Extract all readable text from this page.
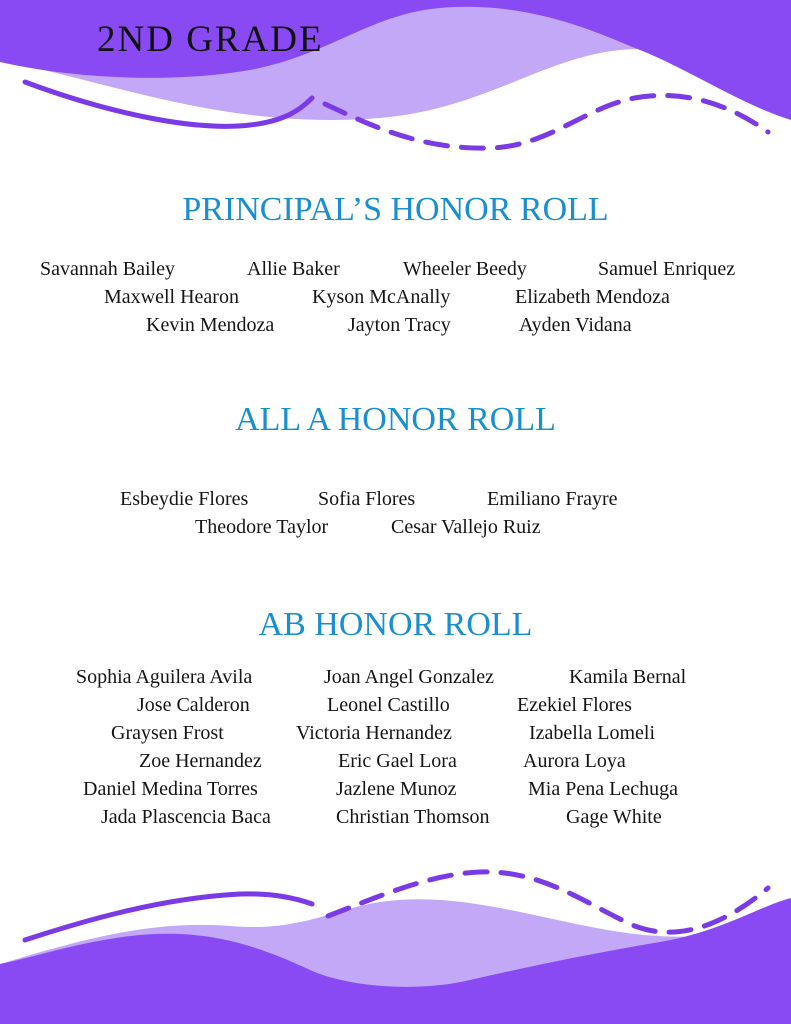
2ND GRADE
PRINCIPAL’S HONOR ROLL
Savannah Bailey	Allie Baker	Wheeler Beedy	Samuel Enriquez
Maxwell Hearon	Kyson McAnally	Elizabeth Mendoza
Kevin Mendoza	Jayton Tracy	Ayden Vidana
ALL A HONOR ROLL
Esbeydie Flores	Sofia Flores	Emiliano Frayre
Theodore Taylor	Cesar Vallejo Ruiz
AB HONOR ROLL
Sophia Aguilera Avila	Joan Angel Gonzalez	Kamila Bernal
Jose Calderon	Leonel Castillo	Ezekiel Flores
Graysen Frost	Victoria Hernandez	Izabella Lomeli
Zoe Hernandez	Eric Gael Lora	Aurora Loya
Daniel Medina Torres	Jazlene Munoz	Mia Pena Lechuga
Jada Plascencia Baca	Christian Thomson	Gage White
